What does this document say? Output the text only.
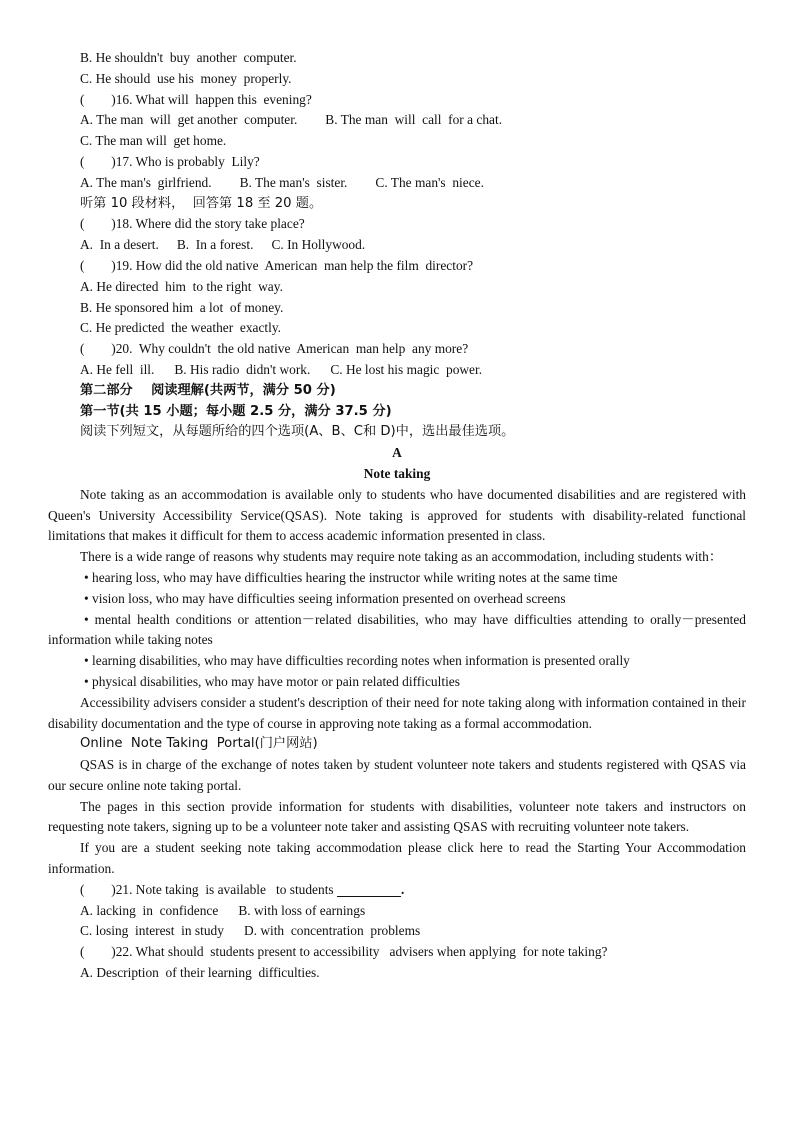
B. He shouldn't  buy  another  computer.

C. He should  use his  money  properly.

(        )16. What will  happen this  evening?

A. The man  will  get another  computer. B. The man  will  call  for a chat.

C. The man will  get home.

(        )17. Who is probably  Lily?

A. The man's  girlfriend. B. The man's  sister. C. The man's  niece.

听第 10 段材料，  回答第 18 至 20 题。

(        )18. Where did the story take place?

A.  In a desert. B.  In a forest. C. In Hollywood.

(        )19. How did the old native  American  man help the film  director?

A. He directed  him  to the right  way.

B. He sponsored him  a lot  of money.

C. He predicted  the weather  exactly.

(        )20.  Why couldn't  the old native  American  man help  any more?

A. He fell  ill. B. His radio  didn't work. C. He lost his magic  power.

第二部分    阅读理解(共两节，满分 50 分)

第一节(共 15 小题；每小题 2.5 分，满分 37.5 分)

阅读下列短文，从每题所给的四个选项(A、B、C和 D)中，选出最佳选项。

A

Note taking

Note taking as an accommodation is available only to students who have documented disabilities and are registered with Queen's University Accessibility Service(QSAS). Note taking is approved for students with disability-related functional limitations that makes it difficult for them to access academic information presented in class.

There is a wide range of reasons why students may require note taking as an accommodation, including students with：

• hearing loss, who may have difficulties hearing the instructor while writing notes at the same time

• vision loss, who may have difficulties seeing information presented on overhead screens

• mental health conditions or attention－related disabilities, who may have difficulties attending to orally－presented information while taking notes

• learning disabilities, who may have difficulties recording notes when information is presented orally

• physical disabilities, who may have motor or pain related difficulties

Accessibility advisers consider a student's description of their need for note taking along with information contained in their disability documentation and the type of course in approving note taking as a formal accommodation.

Online  Note Taking  Portal(门户网站)

QSAS is in charge of the exchange of notes taken by student volunteer note takers and students registered with QSAS via our secure online note taking portal.

The pages in this section provide information for students with disabilities, volunteer note takers and instructors on requesting note takers, signing up to be a volunteer note taker and assisting QSAS with recruiting volunteer note takers.

If you are a student seeking note taking accommodation please click here to read the Starting Your Accommodation information.

(        )21. Note taking  is available   to students	.

A. lacking  in  confidence B. with loss of earnings

C. losing  interest  in study D. with  concentration  problems

(        )22. What should  students present to accessibility   advisers when applying  for note taking?

A. Description  of their learning  difficulties.
